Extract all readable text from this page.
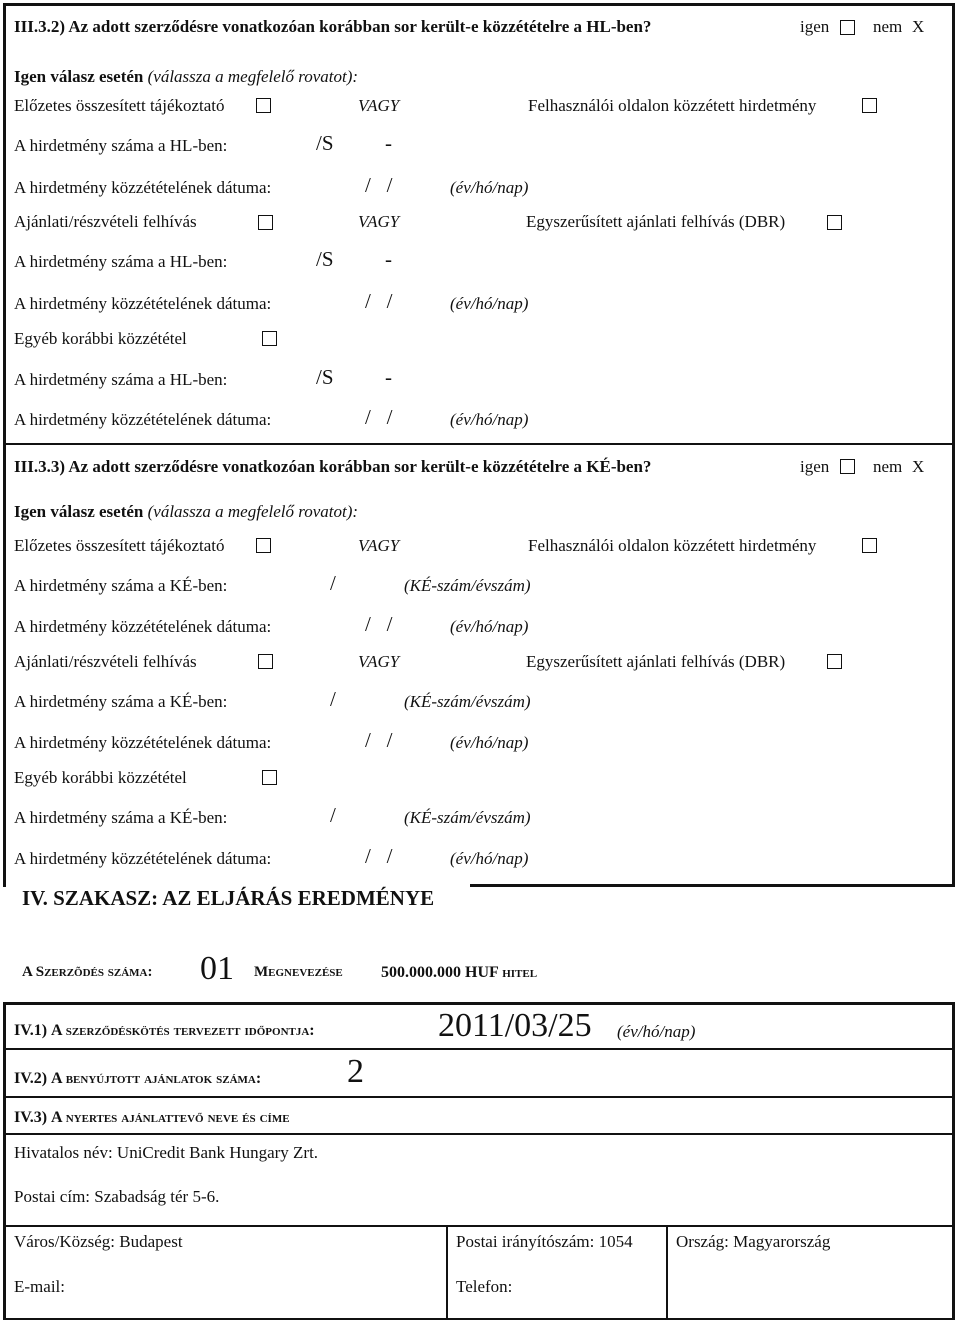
III.3.2) Az adott szerződésre vonatkozóan korábban sor került-e közzétételre a HL-ben?	igen	nem X
Igen válasz esetén (válassza a megfelelő rovatot):
Előzetes összesített tájékoztató	VAGY	Felhasználói oldalon közzétett hirdetmény
A hirdetmény száma a HL-ben:	/S -
A hirdetmény közzétételének dátuma:	/   /	(év/hó/nap)
Ajánlati/részvételi felhívás	VAGY	Egyszerűsített ajánlati felhívás (DBR)
A hirdetmény száma a HL-ben:	/S -
A hirdetmény közzétételének dátuma:	/   /	(év/hó/nap)
Egyéb korábbi közzététel
A hirdetmény száma a HL-ben:	/S -
A hirdetmény közzétételének dátuma:	/   /	(év/hó/nap)
III.3.3) Az adott szerződésre vonatkozóan korábban sor került-e közzétételre a KÉ-ben?	igen	nem X
Igen válasz esetén (válassza a megfelelő rovatot):
Előzetes összesített tájékoztató	VAGY	Felhasználói oldalon közzétett hirdetmény
A hirdetmény száma a KÉ-ben:	/	(KÉ-szám/évszám)
A hirdetmény közzétételének dátuma:	/   /	(év/hó/nap)
Ajánlati/részvételi felhívás	VAGY	Egyszerűsített ajánlati felhívás (DBR)
A hirdetmény száma a KÉ-ben:	/	(KÉ-szám/évszám)
A hirdetmény közzétételének dátuma:	/   /	(év/hó/nap)
Egyéb korábbi közzététel
A hirdetmény száma a KÉ-ben:	/	(KÉ-szám/évszám)
A hirdetmény közzétételének dátuma:	/   /	(év/hó/nap)
IV. SZAKASZ: AZ ELJÁRÁS EREDMÉNYE
A Szerzõdés száma: 01 Megnevezése 500.000.000 HUF hitel
IV.1) A szerződéskötés tervezett időpontja:	2011/03/25 (év/hó/nap)
IV.2) A benyújtott ajánlatok száma:	2
IV.3) A nyertes ajánlattevő neve és címe
Hivatalos név: UniCredit Bank Hungary Zrt.
Postai cím: Szabadság tér 5-6.
Város/Község: Budapest	Postai irányítószám: 1054	Ország: Magyarország
E-mail:	Telefon:
